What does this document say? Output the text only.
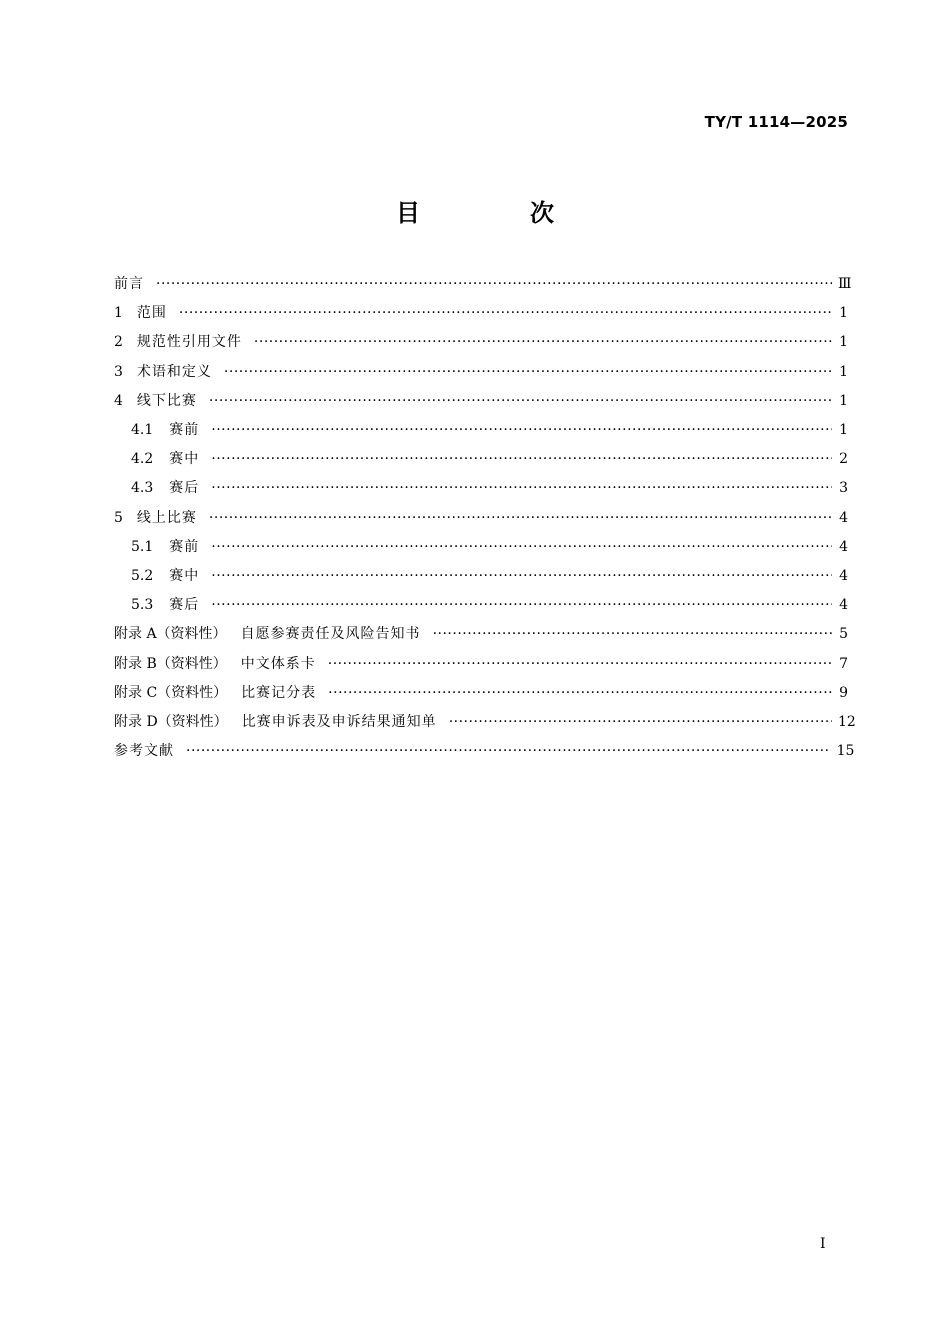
TY/T 1114—2025
目	次
前言 ·····	Ⅲ
1 范围 ·····	1
2 规范性引用文件 ·····	1
3 术语和定义 ·····	1
4 线下比赛 ·····	1
4.1 赛前 ·····	1
4.2 赛中 ·····	2
4.3 赛后 ·····	3
5 线上比赛 ·····	4
5.1 赛前 ·····	4
5.2 赛中 ·····	4
5.3 赛后 ·····	4
附录 A（资料性） 自愿参赛责任及风险告知书 ·····	5
附录 B（资料性） 中文体系卡 ·····	7
附录 C（资料性） 比赛记分表 ·····	9
附录 D（资料性） 比赛申诉表及申诉结果通知单 ·····	12
参考文献 ·····	15
I
